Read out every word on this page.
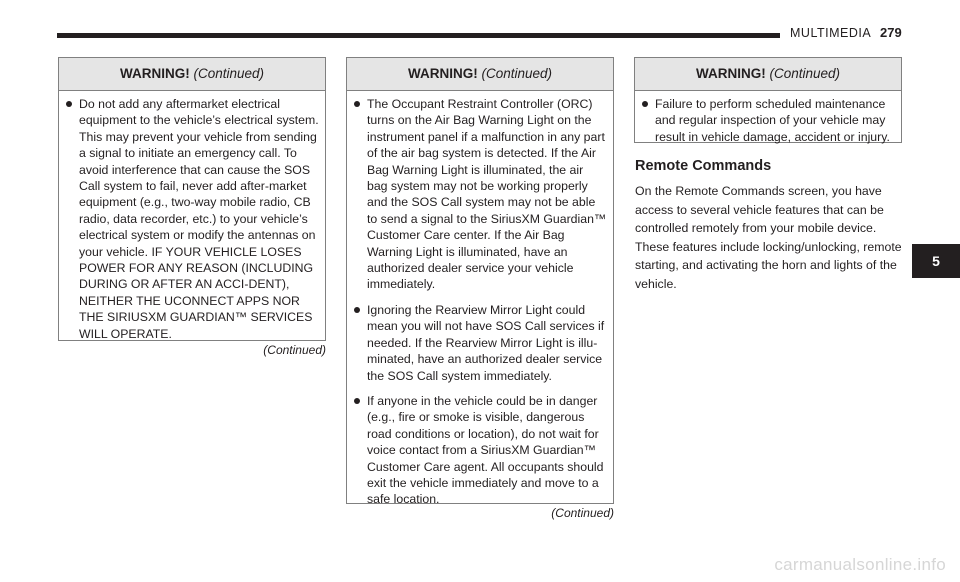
MULTIMEDIA 279
WARNING! (Continued)
Do not add any aftermarket electrical equipment to the vehicle’s electrical system. This may prevent your vehicle from sending a signal to initiate an emergency call. To avoid interference that can cause the SOS Call system to fail, never add after-market equipment (e.g., two-way mobile radio, CB radio, data recorder, etc.) to your vehicle’s electrical system or modify the antennas on your vehicle. IF YOUR VEHICLE LOSES POWER FOR ANY REASON (INCLUDING DURING OR AFTER AN ACCI-DENT), NEITHER THE UCONNECT APPS NOR THE SIRIUSXM GUARDIAN™ SERVICES WILL OPERATE.
(Continued)
WARNING! (Continued)
The Occupant Restraint Controller (ORC) turns on the Air Bag Warning Light on the instrument panel if a malfunction in any part of the air bag system is detected. If the Air Bag Warning Light is illuminated, the air bag system may not be working properly and the SOS Call system may not be able to send a signal to the SiriusXM Guardian™ Customer Care center. If the Air Bag Warning Light is illuminated, have an authorized dealer service your vehicle immediately.
Ignoring the Rearview Mirror Light could mean you will not have SOS Call services if needed. If the Rearview Mirror Light is illu-minated, have an authorized dealer service the SOS Call system immediately.
If anyone in the vehicle could be in danger (e.g., fire or smoke is visible, dangerous road conditions or location), do not wait for voice contact from a SiriusXM Guardian™ Customer Care agent. All occupants should exit the vehicle immediately and move to a safe location.
(Continued)
WARNING! (Continued)
Failure to perform scheduled maintenance and regular inspection of your vehicle may result in vehicle damage, accident or injury.
Remote Commands
On the Remote Commands screen, you have access to several vehicle features that can be controlled remotely from your mobile device. These features include locking/unlocking, remote starting, and activating the horn and lights of the vehicle.
5
carmanualsonline.info
